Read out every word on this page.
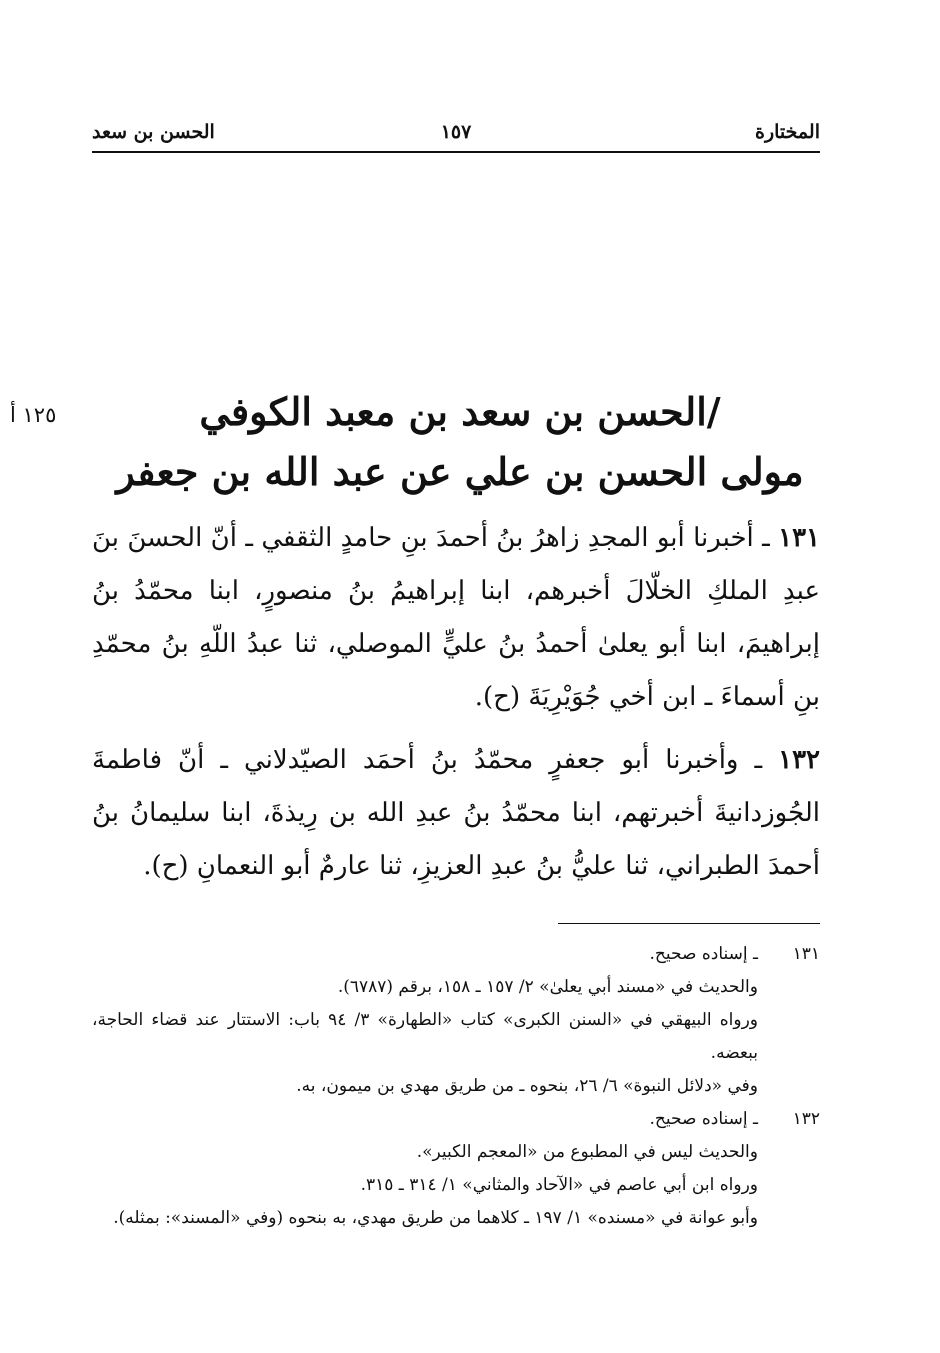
المختارة
١٥٧
الحسن بن سعد
١٢٥ أ	/الحسن بن سعد بن معبد الكوفي
مولى الحسن بن علي عن عبد الله بن جعفر

١٣١ ـ أخبرنا أبو المجدِ زاهرُ بنُ أحمدَ بنِ حامدٍ الثقفي ـ أنّ الحسنَ بنَ عبدِ الملكِ الخلّالَ أخبرهم، ابنا إبراهيمُ بنُ منصورٍ، ابنا محمّدُ بنُ إبراهيمَ، ابنا أبو يعلىٰ أحمدُ بنُ عليٍّ الموصلي، ثنا عبدُ اللّهِ بنُ محمّدِ بنِ أسماءَ ـ ابن أخي جُوَيْرِيَةَ (ح).

١٣٢ ـ وأخبرنا أبو جعفرٍ محمّدُ بنُ أحمَد الصيّدلاني ـ أنّ فاطمةَ الجُوزدانيةَ أخبرتهم، ابنا محمّدُ بنُ عبدِ الله بن رِيذةَ، ابنا سليمانُ بنُ أحمدَ الطبراني، ثنا عليُّ بنُ عبدِ العزيزِ، ثنا عارمٌ أبو النعمانِ (ح).

١٣١
ـ إسناده صحيح.
والحديث في «مسند أبي يعلىٰ» ٢/ ١٥٧ ـ ١٥٨، برقم (٦٧٨٧).
ورواه البيهقي في «السنن الكبرى» كتاب «الطهارة» ٣/ ٩٤ باب: الاستتار عند قضاء الحاجة، ببعضه.
وفي «دلائل النبوة» ٦/ ٢٦، بنحوه ـ من طريق مهدي بن ميمون، به.
١٣٢
ـ إسناده صحيح.
والحديث ليس في المطبوع من «المعجم الكبير».
ورواه ابن أبي عاصم في «الآحاد والمثاني» ١/ ٣١٤ ـ ٣١٥.
وأبو عوانة في «مسنده» ١/ ١٩٧ ـ كلاهما من طريق مهدي، به بنحوه (وفي «المسند»: بمثله).
